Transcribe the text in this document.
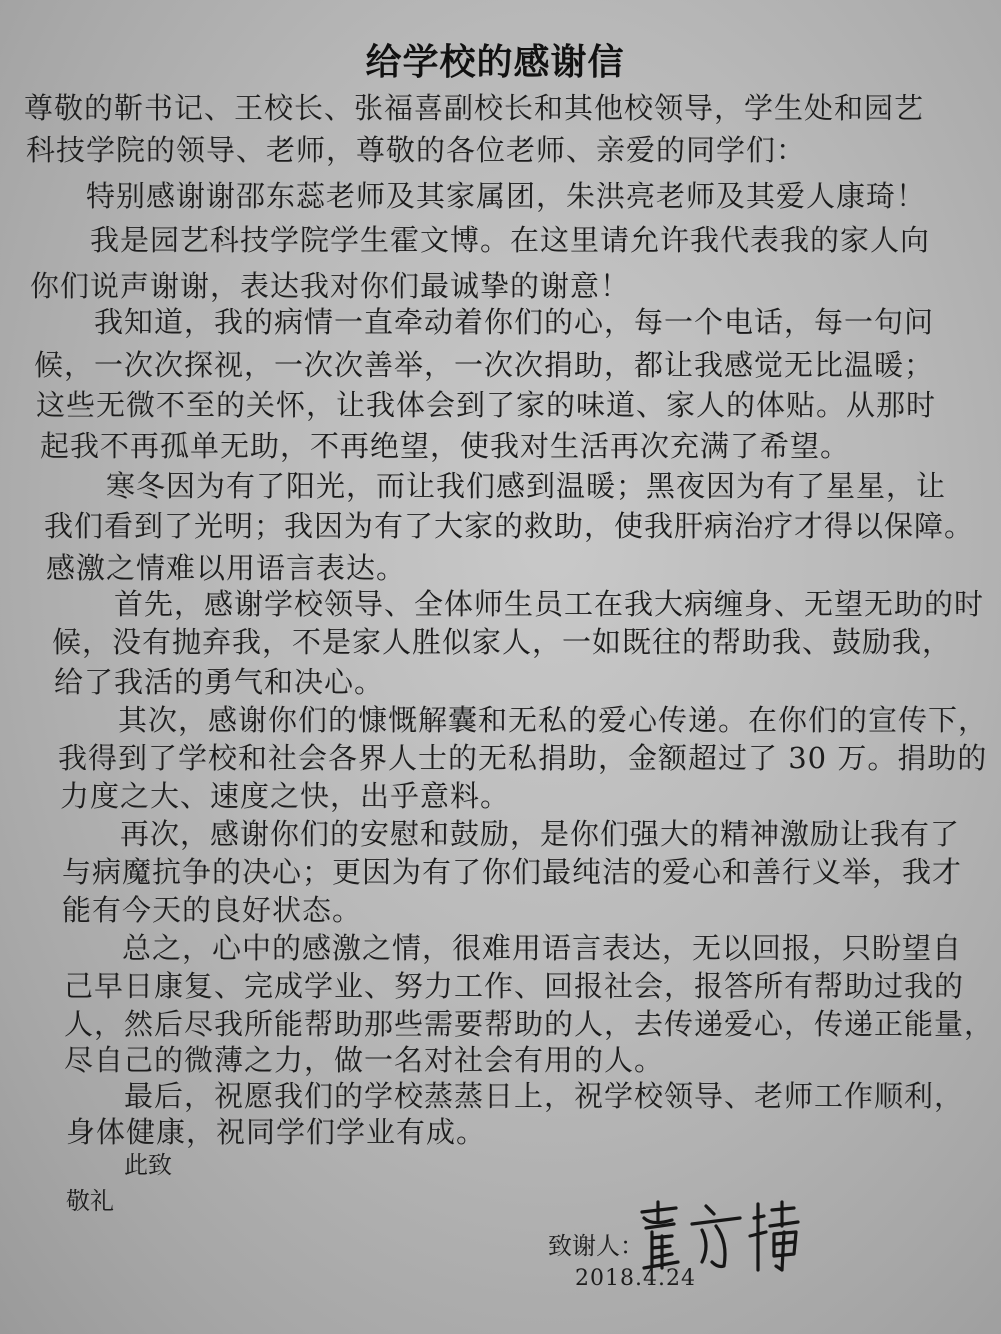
给学校的感谢信
尊敬的靳书记、王校长、张福喜副校长和其他校领导，学生处和园艺
科技学院的领导、老师，尊敬的各位老师、亲爱的同学们：
特别感谢谢邵东蕊老师及其家属团，朱洪亮老师及其爱人康琦！
我是园艺科技学院学生霍文博。在这里请允许我代表我的家人向
你们说声谢谢，表达我对你们最诚挚的谢意！
我知道，我的病情一直牵动着你们的心，每一个电话，每一句问
候，一次次探视，一次次善举，一次次捐助，都让我感觉无比温暖；
这些无微不至的关怀，让我体会到了家的味道、家人的体贴。从那时
起我不再孤单无助，不再绝望，使我对生活再次充满了希望。
寒冬因为有了阳光，而让我们感到温暖；黑夜因为有了星星，让
我们看到了光明；我因为有了大家的救助，使我肝病治疗才得以保障。
感激之情难以用语言表达。
首先，感谢学校领导、全体师生员工在我大病缠身、无望无助的时
候，没有抛弃我，不是家人胜似家人，一如既往的帮助我、鼓励我，
给了我活的勇气和决心。
其次，感谢你们的慷慨解囊和无私的爱心传递。在你们的宣传下，
我得到了学校和社会各界人士的无私捐助，金额超过了 30 万。捐助的
力度之大、速度之快，出乎意料。
再次，感谢你们的安慰和鼓励，是你们强大的精神激励让我有了
与病魔抗争的决心；更因为有了你们最纯洁的爱心和善行义举，我才
能有今天的良好状态。
总之，心中的感激之情，很难用语言表达，无以回报，只盼望自
己早日康复、完成学业、努力工作、回报社会，报答所有帮助过我的
人，然后尽我所能帮助那些需要帮助的人，去传递爱心，传递正能量，
尽自己的微薄之力，做一名对社会有用的人。
最后，祝愿我们的学校蒸蒸日上，祝学校领导、老师工作顺利，
身体健康，祝同学们学业有成。
此致
敬礼
致谢人：
2018.4.24
